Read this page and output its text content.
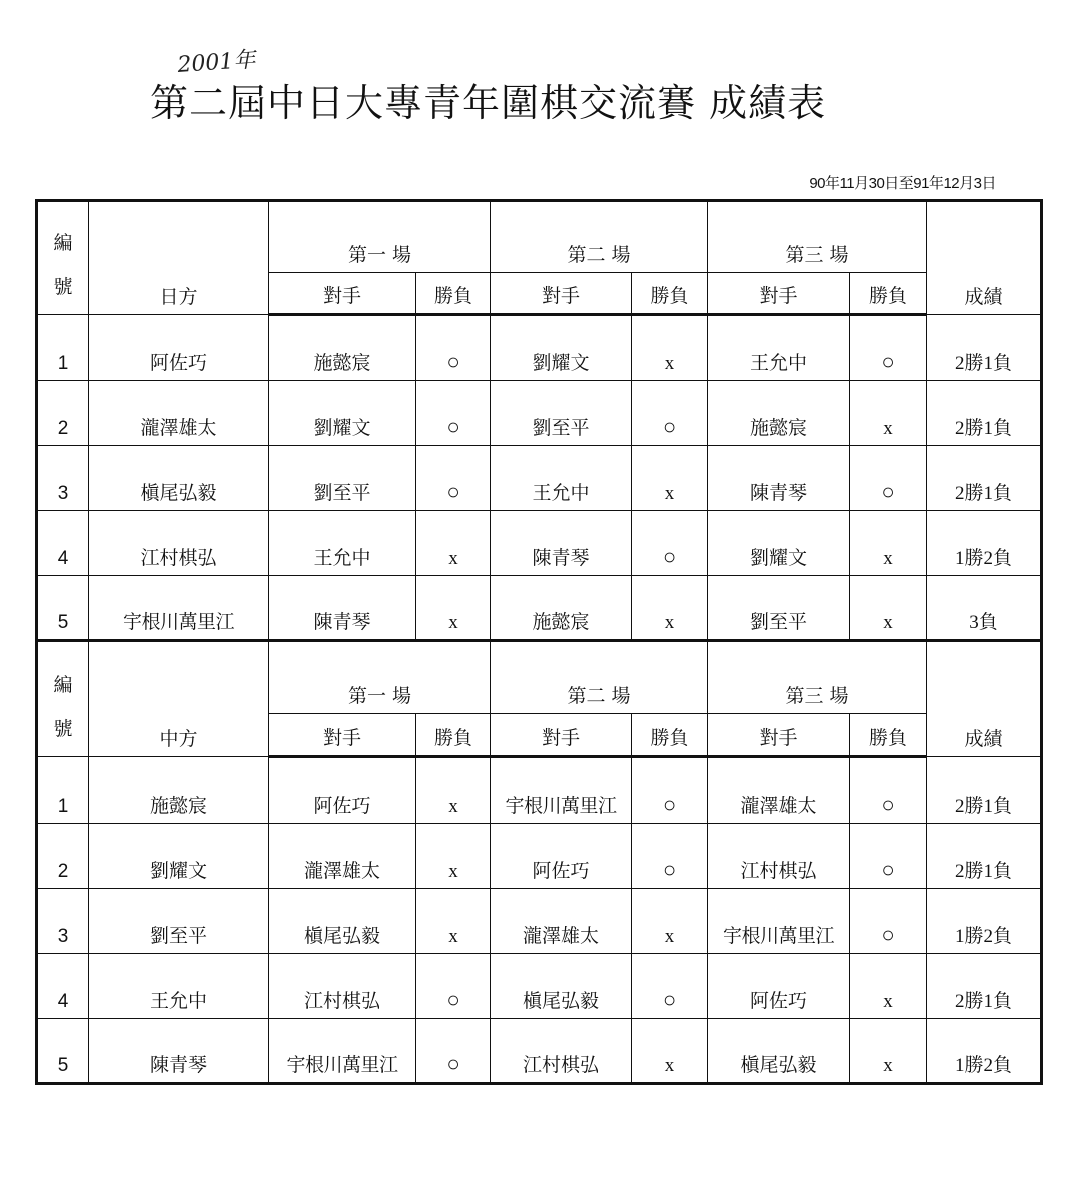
2001年
第二屆中日大專青年圍棋交流賽 成績表
90年11月30日至91年12月3日
編
號	日方	第一 場		第二 場		第三 場		成績
		對手	勝負	對手	勝負	對手	勝負	
1	阿佐巧	施懿宸	○	劉耀文	x	王允中	○	2勝1負
2	瀧澤雄太	劉耀文	○	劉至平	○	施懿宸	x	2勝1負
3	槇尾弘毅	劉至平	○	王允中	x	陳青琴	○	2勝1負
4	江村棋弘	王允中	x	陳青琴	○	劉耀文	x	1勝2負
5	宇根川萬里江	陳青琴	x	施懿宸	x	劉至平	x	3負

編
號	中方	第一 場		第二 場		第三 場		成績
		對手	勝負	對手	勝負	對手	勝負	
1	施懿宸	阿佐巧	x	宇根川萬里江	○	瀧澤雄太	○	2勝1負
2	劉耀文	瀧澤雄太	x	阿佐巧	○	江村棋弘	○	2勝1負
3	劉至平	槇尾弘毅	x	瀧澤雄太	x	宇根川萬里江	○	1勝2負
4	王允中	江村棋弘	○	槇尾弘毅	○	阿佐巧	x	2勝1負
5	陳青琴	宇根川萬里江	○	江村棋弘	x	槇尾弘毅	x	1勝2負
